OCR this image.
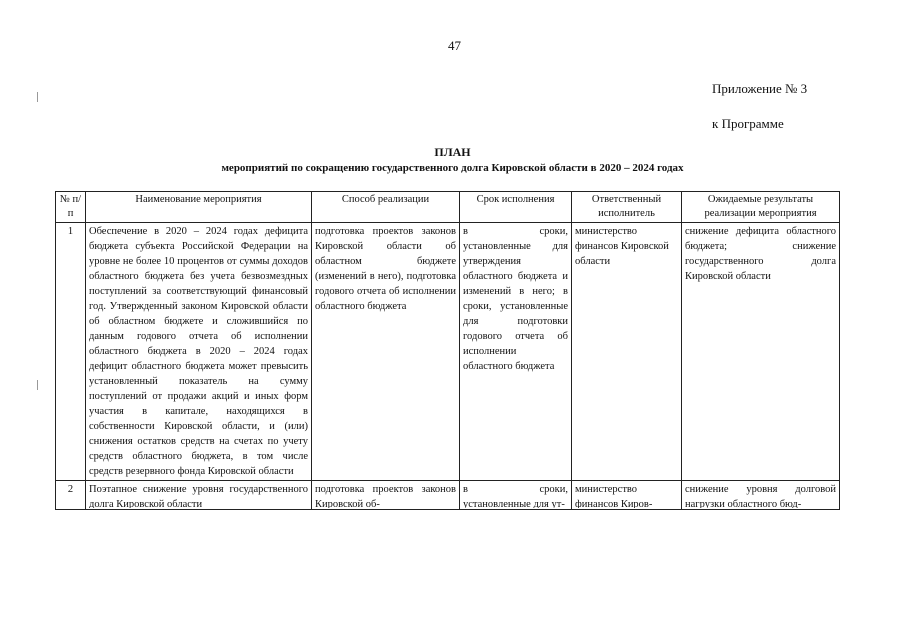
47
Приложение № 3
к Программе
ПЛАН
мероприятий по сокращению государственного долга Кировской области в 2020 – 2024 годах
№ п/п	Наименование мероприятия	Способ реализации	Срок исполнения	Ответственный исполнитель	Ожидаемые результаты реализации мероприятия
1	Обеспечение в 2020 – 2024 годах дефицита бюджета субъекта Российской Федерации на уровне не более 10 процентов от суммы доходов областного бюджета без учета безвозмездных поступлений за соответствующий финансовый год. Утвержденный законом Кировской области об областном бюджете и сложившийся по данным годового отчета об исполнении областного бюджета в 2020 – 2024 годах дефицит областного бюджета может превысить установленный показатель на сумму поступлений от продажи акций и иных форм участия в капитале, находящихся в собственности Кировской области, и (или) снижения остатков средств на счетах по учету средств областного бюджета, в том числе средств резервного фонда Кировской области	подготовка проектов законов Кировской области об областном бюджете (изменений в него), подготовка годового отчета об исполнении областного бюджета	в сроки, установленные для утверждения областного бюджета и изменений в него; в сроки, установленные для подготовки годового отчета об исполнении областного бюджета	министерство финансов Кировской области	снижение дефицита областного бюджета; снижение государственного долга Кировской области
2	Поэтапное снижение уровня государственного долга Кировской области	подготовка проектов законов Кировской об-	в сроки, установленные для ут-	министерство финансов Киров-	снижение уровня долговой нагрузки областного бюд-
